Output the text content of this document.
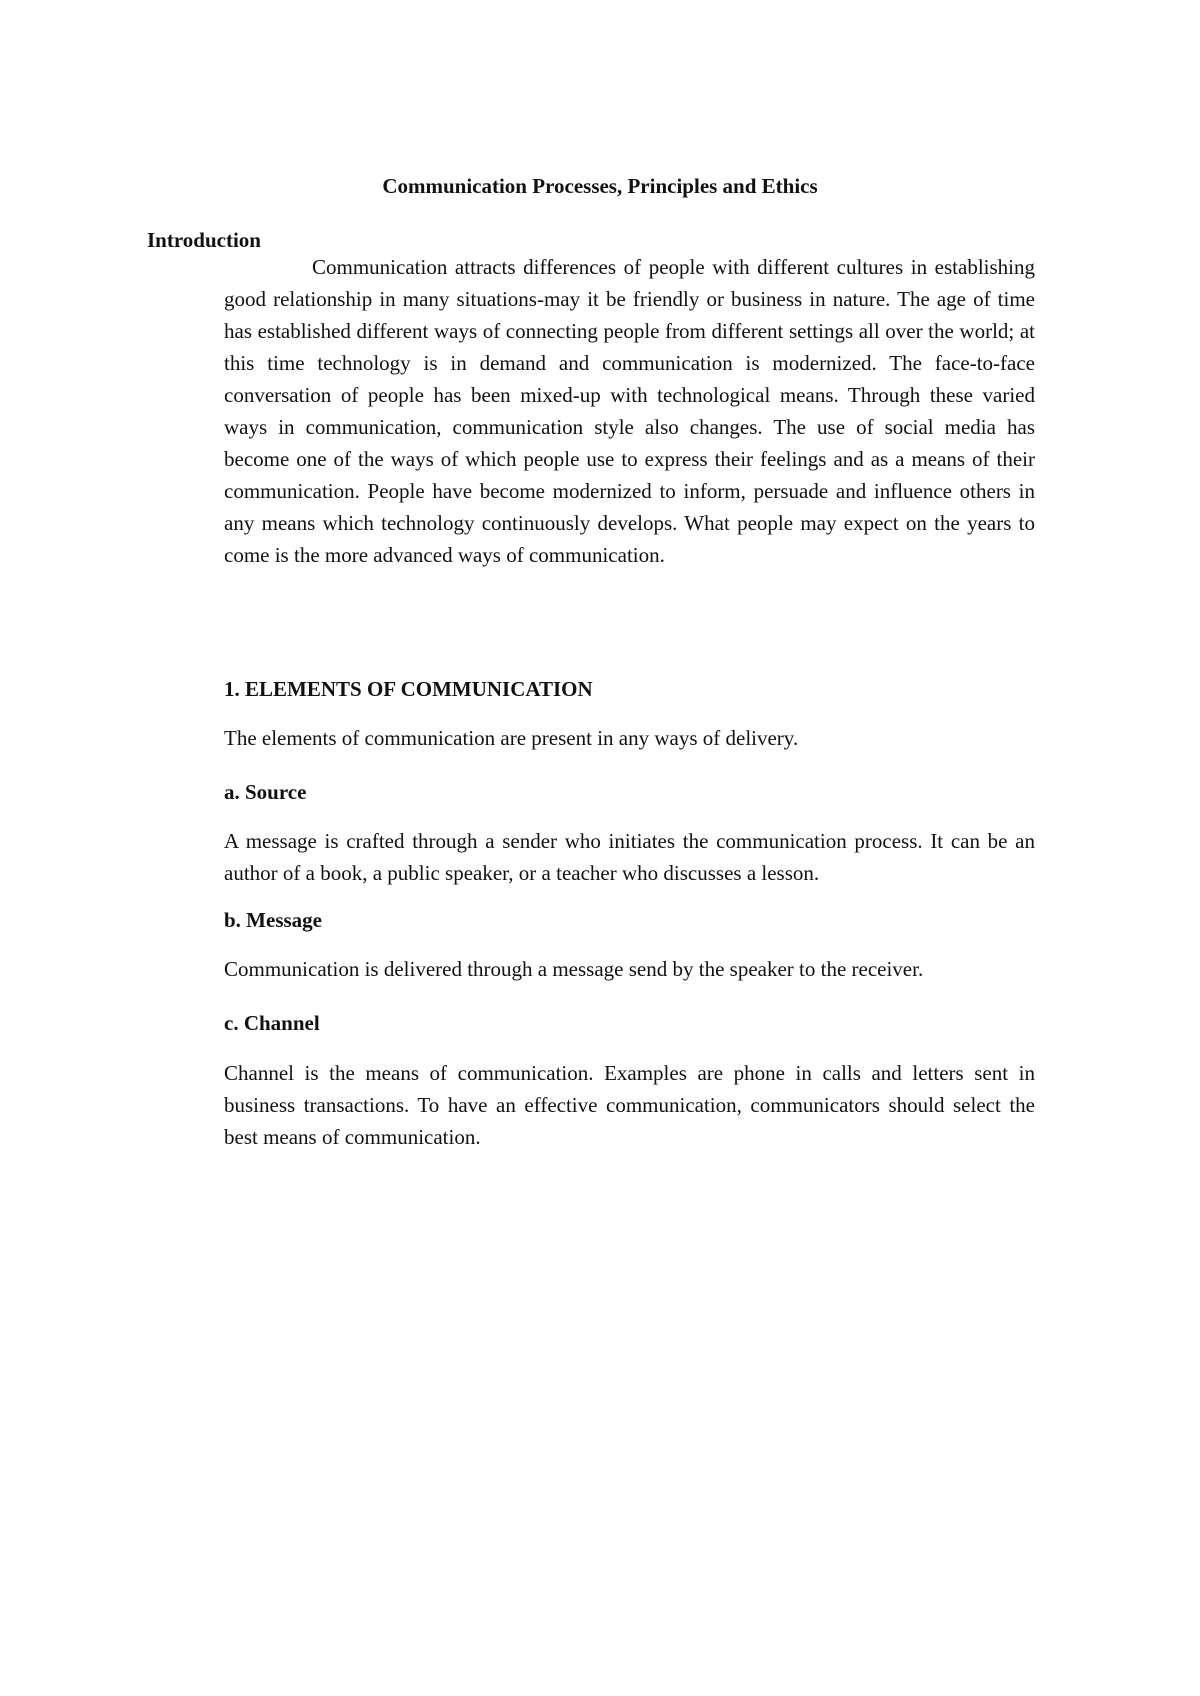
Communication Processes, Principles and Ethics
Introduction

Communication attracts differences of people with different cultures in establishing good relationship in many situations-may it be friendly or business in nature. The age of time has established different ways of connecting people from different settings all over the world; at this time technology is in demand and communication is modernized. The face-to-face conversation of people has been mixed-up with technological means. Through these varied ways in communication, communication style also changes. The use of social media has become one of the ways of which people use to express their feelings and as a means of their communication. People have become modernized to inform, persuade and influence others in any means which technology continuously develops. What people may expect on the years to come is the more advanced ways of communication.

1. ELEMENTS OF COMMUNICATION

The elements of communication are present in any ways of delivery.

a. Source

A message is crafted through a sender who initiates the communication process. It can be an author of a book, a public speaker, or a teacher who discusses a lesson.

b. Message

Communication is delivered through a message send by the speaker to the receiver.

c. Channel

Channel is the means of communication. Examples are phone in calls and letters sent in business transactions. To have an effective communication, communicators should select the best means of communication.
